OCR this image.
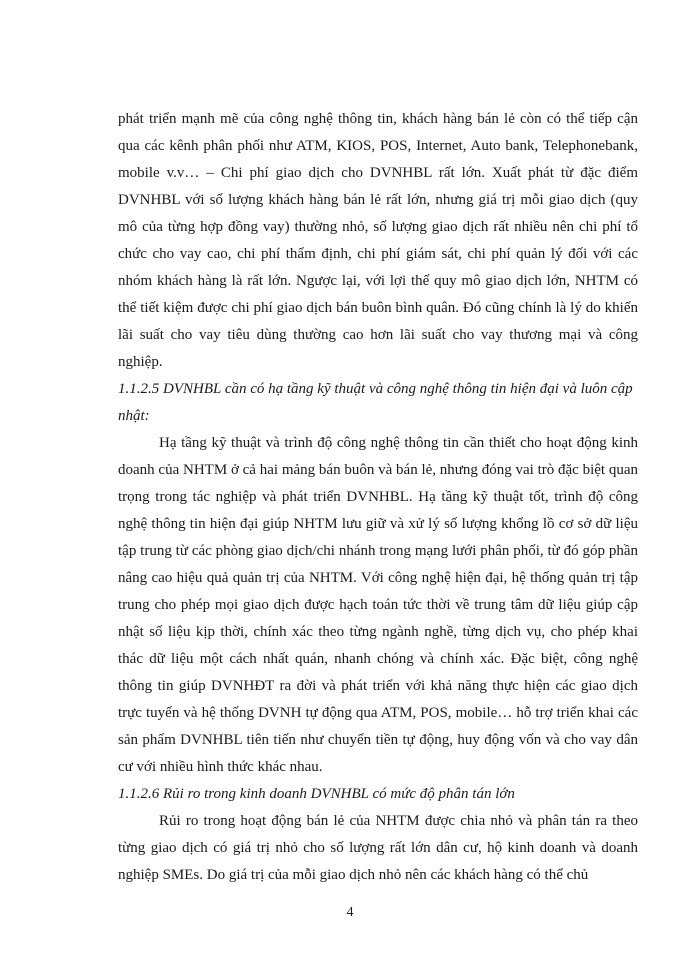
phát triển mạnh mẽ của công nghệ thông tin, khách hàng bán lẻ còn có thể tiếp cận qua các kênh phân phối như ATM, KIOS, POS, Internet, Auto bank, Telephonebank, mobile v.v… – Chi phí giao dịch cho DVNHBL rất lớn. Xuất phát từ đặc điểm DVNHBL với số lượng khách hàng bán lẻ rất lớn, nhưng giá trị mỗi giao dịch (quy mô của từng hợp đồng vay) thường nhỏ, số lượng giao dịch rất nhiều nên chi phí tổ chức cho vay cao, chi phí thẩm định, chi phí giám sát, chi phí quản lý đối với các nhóm khách hàng là rất lớn. Ngược lại, với lợi thế quy mô giao dịch lớn, NHTM có thể tiết kiệm được chi phí giao dịch bán buôn bình quân. Đó cũng chính là lý do khiến lãi suất cho vay tiêu dùng thường cao hơn lãi suất cho vay thương mại và công nghiệp.

1.1.2.5 DVNHBL cần có hạ tầng kỹ thuật và công nghệ thông tin hiện đại và luôn cập nhật:

Hạ tầng kỹ thuật và trình độ công nghệ thông tin cần thiết cho hoạt động kinh doanh của NHTM ở cả hai mảng bán buôn và bán lẻ, nhưng đóng vai trò đặc biệt quan trọng trong tác nghiệp và phát triển DVNHBL. Hạ tầng kỹ thuật tốt, trình độ công nghệ thông tin hiện đại giúp NHTM lưu giữ và xử lý số lượng khổng lồ cơ sở dữ liệu tập trung từ các phòng giao dịch/chi nhánh trong mạng lưới phân phối, từ đó góp phần nâng cao hiệu quả quản trị của NHTM. Với công nghệ hiện đại, hệ thống quản trị tập trung cho phép mọi giao dịch được hạch toán tức thời về trung tâm dữ liệu giúp cập nhật số liệu kịp thời, chính xác theo từng ngành nghề, từng dịch vụ, cho phép khai thác dữ liệu một cách nhất quán, nhanh chóng và chính xác. Đặc biệt, công nghệ thông tin giúp DVNHĐT ra đời và phát triển với khả năng thực hiện các giao dịch trực tuyến và hệ thống DVNH tự động qua ATM, POS, mobile… hỗ trợ triển khai các sản phẩm DVNHBL tiên tiến như chuyển tiền tự động, huy động vốn và cho vay dân cư với nhiều hình thức khác nhau.

1.1.2.6 Rủi ro trong kinh doanh DVNHBL có mức độ phân tán lớn

Rủi ro trong hoạt động bán lẻ của NHTM được chia nhỏ và phân tán ra theo từng giao dịch có giá trị nhỏ cho số lượng rất lớn dân cư, hộ kinh doanh và doanh nghiệp SMEs. Do giá trị của mỗi giao dịch nhỏ nên các khách hàng có thể chủ

4
